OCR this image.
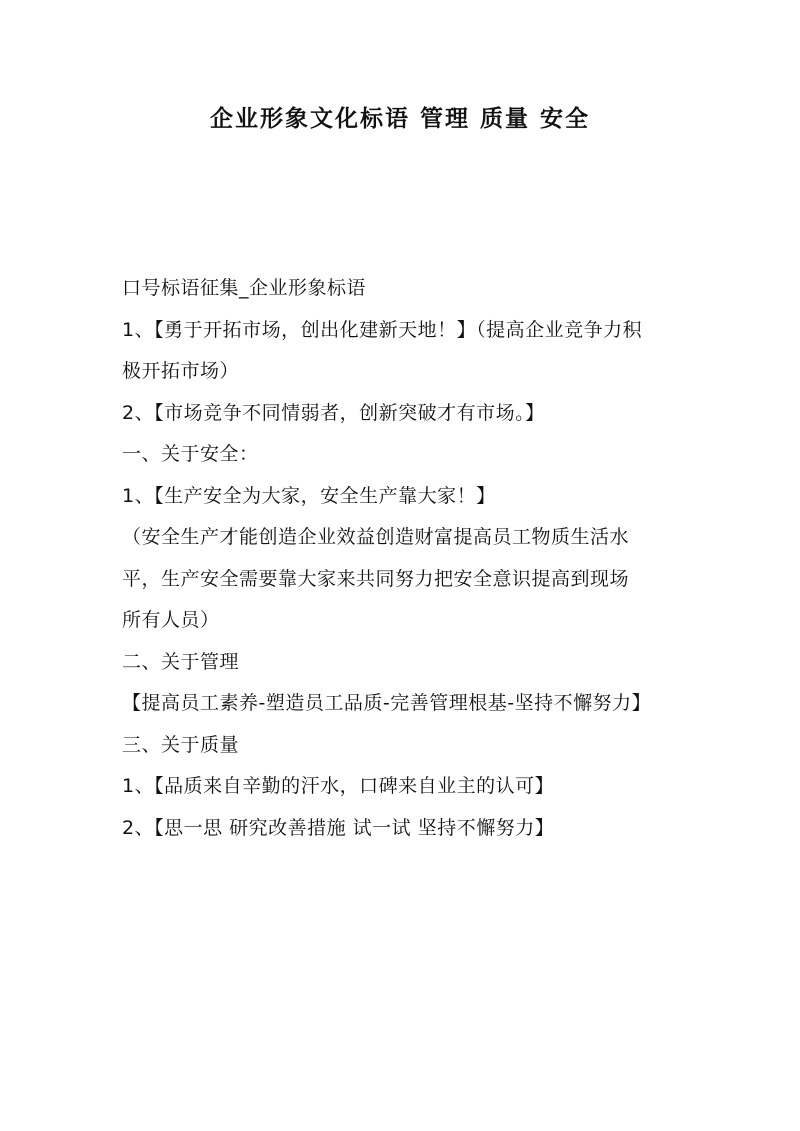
企业形象文化标语 管理 质量 安全
口号标语征集_企业形象标语
1、【勇于开拓市场，创出化建新天地！】（提高企业竞争力积
极开拓市场）
2、【市场竞争不同情弱者，创新突破才有市场。】
一、关于安全：
1、【生产安全为大家，安全生产靠大家！】
（安全生产才能创造企业效益创造财富提高员工物质生活水
平，生产安全需要靠大家来共同努力把安全意识提高到现场
所有人员）
二、关于管理
【提高员工素养-塑造员工品质-完善管理根基-坚持不懈努力】
三、关于质量
1、【品质来自辛勤的汗水，口碑来自业主的认可】
2、【思一思 研究改善措施 试一试 坚持不懈努力】
